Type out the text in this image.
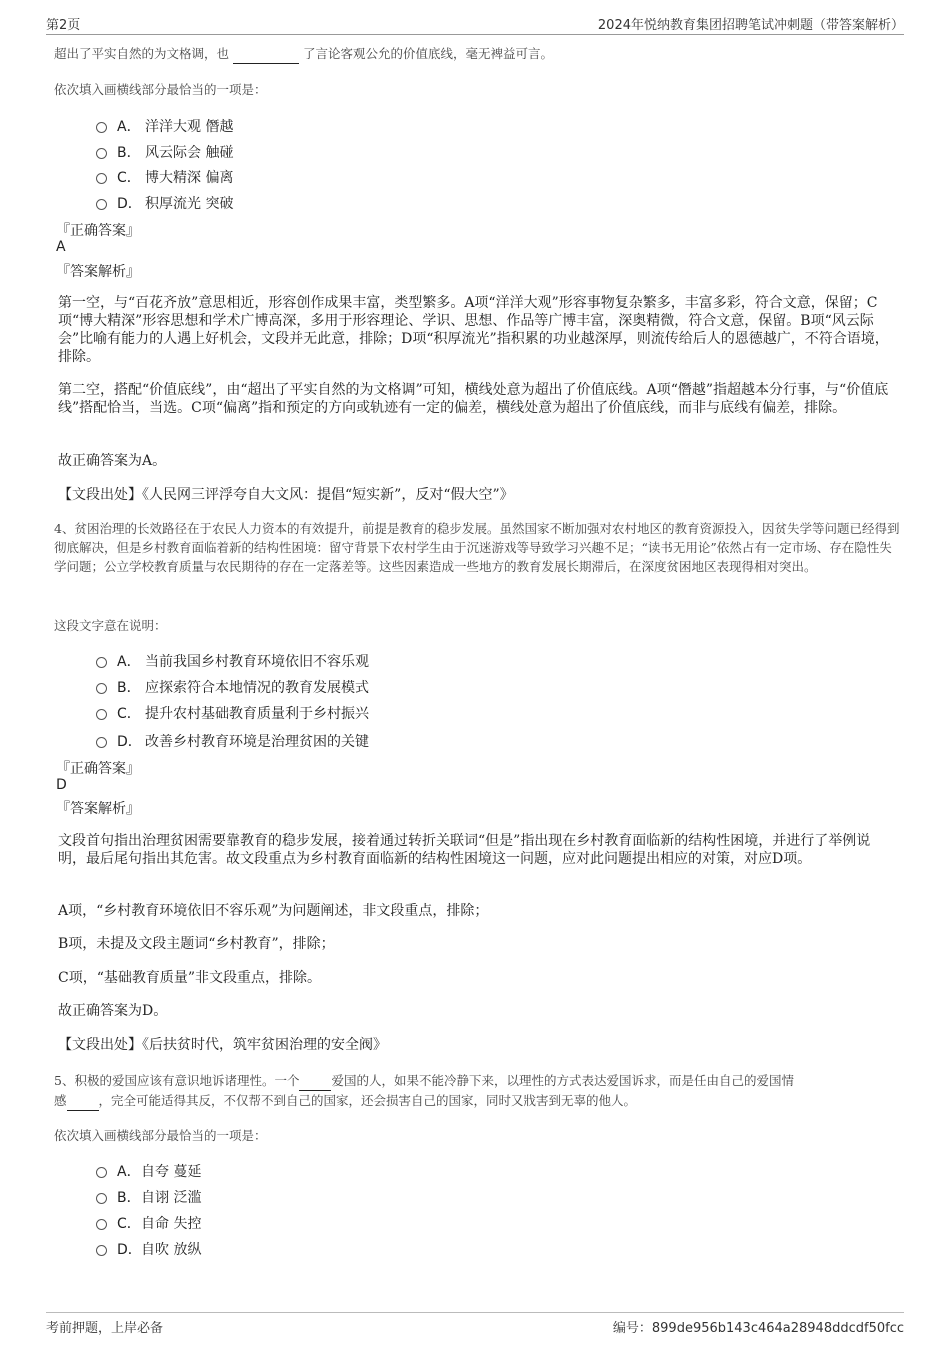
第2页	2024年悦纳教育集团招聘笔试冲刺题（带答案解析）
超出了平实自然的为文格调，也	了言论客观公允的价值底线，毫无裨益可言。
依次填入画横线部分最恰当的一项是：
A． 洋洋大观 僭越
B． 风云际会 触碰
C． 博大精深 偏离
D． 积厚流光 突破
『正确答案』
A
『答案解析』
第一空，与“百花齐放”意思相近，形容创作成果丰富，类型繁多。A项“洋洋大观”形容事物复杂繁多，丰富多彩，符合文意，保留；C项“博大精深”形容思想和学术广博高深，多用于形容理论、学识、思想、作品等广博丰富，深奥精微，符合文意，保留。B项“风云际会”比喻有能力的人遇上好机会，文段并无此意，排除；D项“积厚流光”指积累的功业越深厚，则流传给后人的恩德越广，不符合语境，排除。
第二空，搭配“价值底线”，由“超出了平实自然的为文格调”可知，横线处意为超出了价值底线。A项“僭越”指超越本分行事，与“价值底线”搭配恰当，当选。C项“偏离”指和预定的方向或轨迹有一定的偏差，横线处意为超出了价值底线，而非与底线有偏差，排除。
故正确答案为A。
【文段出处】《人民网三评浮夸自大文风：提倡“短实新”，反对“假大空”》
4、贫困治理的长效路径在于农民人力资本的有效提升，前提是教育的稳步发展。虽然国家不断加强对农村地区的教育资源投入，因贫失学等问题已经得到彻底解决，但是乡村教育面临着新的结构性困境：留守背景下农村学生由于沉迷游戏等导致学习兴趣不足；“读书无用论”依然占有一定市场、存在隐性失学问题；公立学校教育质量与农民期待的存在一定落差等。这些因素造成一些地方的教育发展长期滞后，在深度贫困地区表现得相对突出。
这段文字意在说明：
A． 当前我国乡村教育环境依旧不容乐观
B． 应探索符合本地情况的教育发展模式
C． 提升农村基础教育质量利于乡村振兴
D． 改善乡村教育环境是治理贫困的关键
『正确答案』
D
『答案解析』
文段首句指出治理贫困需要靠教育的稳步发展，接着通过转折关联词“但是”指出现在乡村教育面临新的结构性困境，并进行了举例说明，最后尾句指出其危害。故文段重点为乡村教育面临新的结构性困境这一问题，应对此问题提出相应的对策，对应D项。
A项，“乡村教育环境依旧不容乐观”为问题阐述，非文段重点，排除；
B项，未提及文段主题词“乡村教育”，排除；
C项，“基础教育质量”非文段重点，排除。
故正确答案为D。
【文段出处】《后扶贫时代，筑牢贫困治理的安全阀》
5、积极的爱国应该有意识地诉诸理性。一个	爱国的人，如果不能冷静下来，以理性的方式表达爱国诉求，而是任由自己的爱国情
感	，完全可能适得其反，不仅帮不到自己的国家，还会损害自己的国家，同时又戕害到无辜的他人。
依次填入画横线部分最恰当的一项是：
A． 自夸 蔓延
B． 自诩 泛滥
C． 自命 失控
D． 自吹 放纵
考前押题，上岸必备	编号：899de956b143c464a28948ddcdf50fcc
